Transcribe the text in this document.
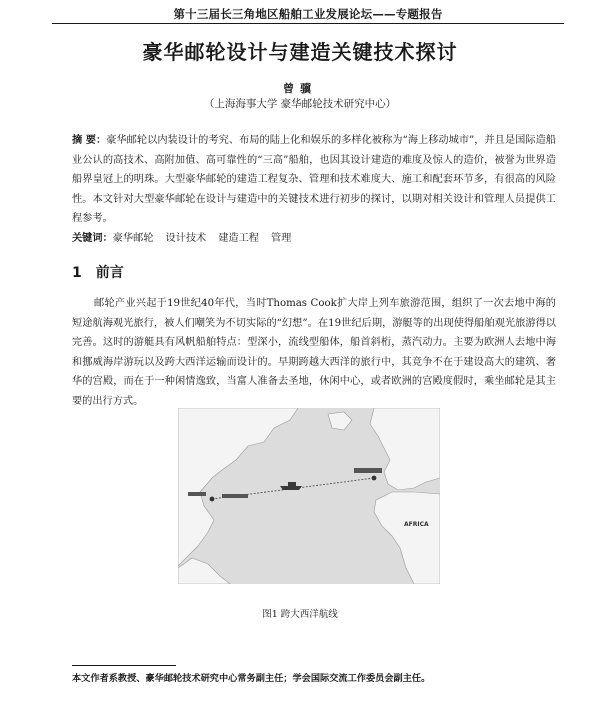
第十三届长三角地区船舶工业发展论坛——专题报告
豪华邮轮设计与建造关键技术探讨
曾骥
（上海海事大学 豪华邮轮技术研究中心）
摘 要：豪华邮轮以内装设计的考究、布局的陆上化和娱乐的多样化被称为“海上移动城市”，并且是国际造船业公认的高技术、高附加值、高可靠性的“三高”船舶，也因其设计建造的难度及惊人的造价，被誉为世界造船界皇冠上的明珠。大型豪华邮轮的建造工程复杂、管理和技术难度大、施工和配套环节多，有很高的风险性。本文针对大型豪华邮轮在设计与建造中的关键技术进行初步的探讨，以期对相关设计和管理人员提供工程参考。
关键词：豪华邮轮 设计技术 建造工程 管理
1 前言
邮轮产业兴起于19世纪40年代，当时Thomas Cook扩大岸上列车旅游范围，组织了一次去地中海的短途航海观光旅行，被人们嘲笑为不切实际的“幻想”。在19世纪后期，游艇等的出现使得船舶观光旅游得以完善。这时的游艇具有风帆船舶特点：型深小，流线型船体，船首斜桁，蒸汽动力。主要为欧洲人去地中海和挪威海岸游玩以及跨大西洋运输而设计的。早期跨越大西洋的旅行中，其竞争不在于建设高大的建筑、奢华的宫殿，而在于一种闲情逸致，当富人准备去圣地，休闲中心，或者欧洲的宫殿度假时，乘坐邮轮是其主要的出行方式。
AFRICA
图1 跨大西洋航线
本文作者系教授、豪华邮轮技术研究中心常务副主任；学会国际交流工作委员会副主任。
